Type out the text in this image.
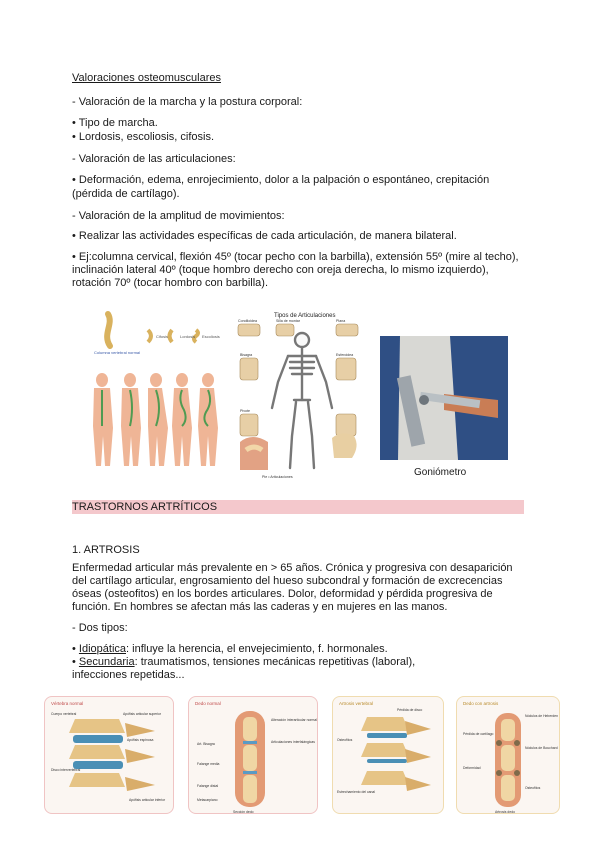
Valoraciones osteomusculares
- Valoración de la marcha y la postura corporal:
• Tipo de marcha.
• Lordosis, escoliosis, cifosis.
- Valoración de las articulaciones:
• Deformación, edema, enrojecimiento, dolor a la palpación o espontáneo, crepitación
(pérdida de cartílago).
- Valoración de la amplitud de movimientos:
• Realizar las actividades específicas de cada articulación, de manera bilateral.
• Ej:columna cervical, flexión 45º (tocar pecho con la barbilla), extensión 55º (mire al techo),
inclinación lateral 40º (toque hombro derecho con oreja derecha, lo mismo izquierdo),
rotación 70º (tocar hombro con barbilla).
Columna vertebral normal
Cifosis	Lordosis Escoliosis
Tipos de Articulaciones
Condiloidea	Silla de montar	Plana
Bisagra	Esferoidea
Pivote
Pie • Articulaciones	Goniómetro
TRASTORNOS ARTRÍTICOS
1. ARTROSIS
Enfermedad articular más prevalente en > 65 años. Crónica y progresiva con desaparición
del cartílago articular, engrosamiento del hueso subcondral y formación de excrecencias
óseas (osteofitos) en los bordes articulares. Dolor, deformidad y pérdida progresiva de
función. En hombres se afectan más las caderas y en mujeres en las manos.
- Dos tipos:
• Idiopática: influye la herencia, el envejecimiento, f. hormonales.
• Secundaria: traumatismos, tensiones mecánicas repetitivas (laboral),
infecciones repetidas...
Vértebra normal
Cuerpo vertebral	Apófisis articular superior
Apófisis espinosa
Disco intervertebral
Apófisis articular inferior
Dedo normal
Art. Bisagra
Alteración interarticular normal
Articulaciones interfalángicas
Falange media
Falange distal
Metacarpiano
Sección dedo
Artrosis vertebral
Pérdida de disco
Osteofitos
Estrechamiento del canal
Dedo con artrosis
Nódulos de Heberden
Pérdida de cartílago
Nódulos de Bouchard
Deformidad
Osteofitos
Artrosis dedo
